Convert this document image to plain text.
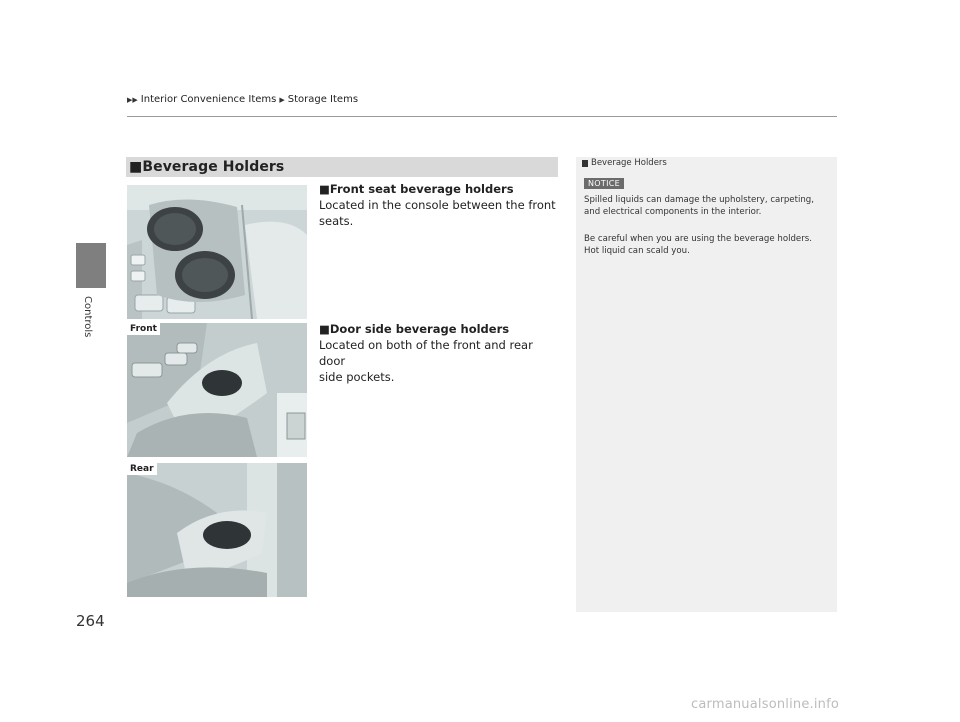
▶▶ Interior Convenience Items ▶ Storage Items
Controls
■Beverage Holders
■Front seat beverage holders
Located in the console between the front
seats.
■Door side beverage holders
Located on both of the front and rear door
side pockets.
Front
Rear
Beverage Holders
NOTICE
Spilled liquids can damage the upholstery, carpeting,
and electrical components in the interior.
Be careful when you are using the beverage holders.
Hot liquid can scald you.
264
carmanualsonline.info
